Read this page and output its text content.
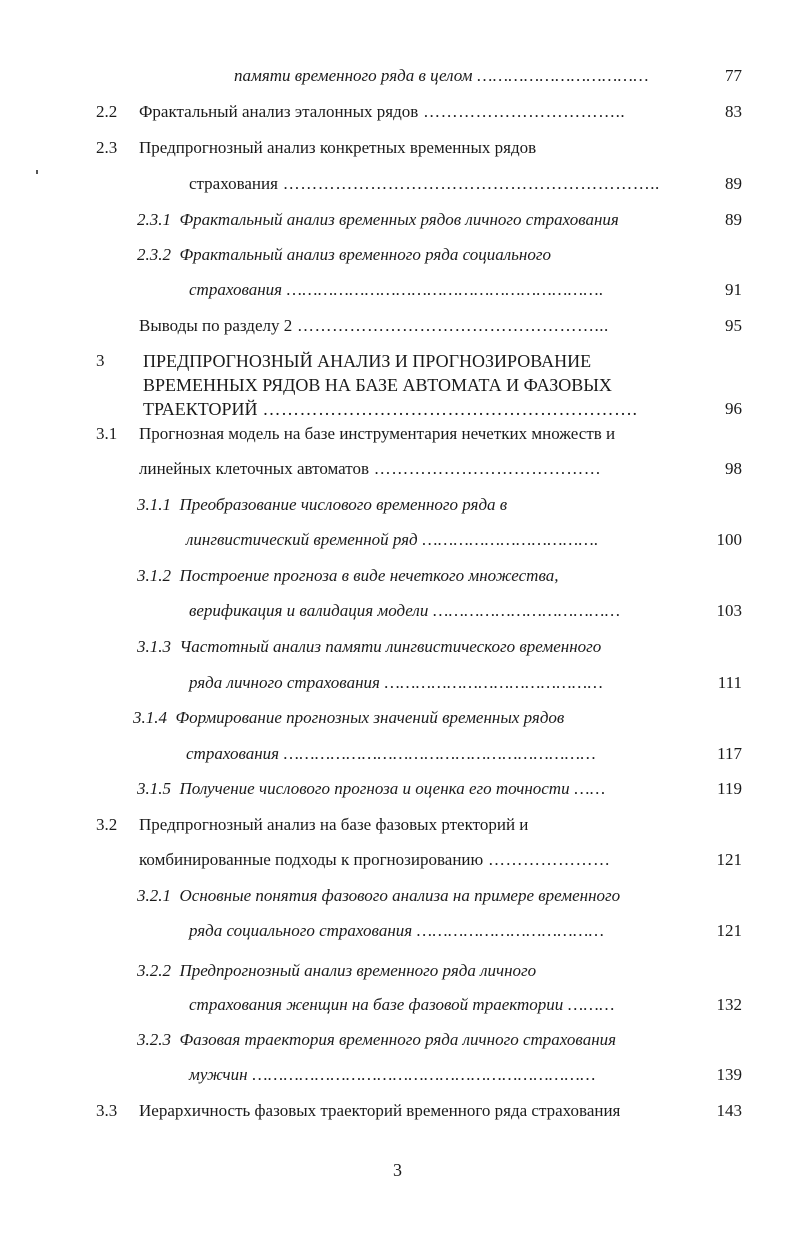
памяти временного ряда в целом ……………………………	77
2.2 Фрактальный анализ эталонных рядов ……………………………..	83
2.3 Предпрогнозный анализ конкретных временных рядов
страхования ………………………………………………………..	89
2.3.1 Фрактальный анализ временных рядов личного страхования	89
2.3.2 Фрактальный анализ временного ряда социального
страхования …………………………………………………….	91
Выводы по разделу 2 ……………………………………………...	95
3 ПРЕДПРОГНОЗНЫЙ АНАЛИЗ И ПРОГНОЗИРОВАНИЕ
ВРЕМЕННЫХ РЯДОВ НА БАЗЕ АВТОМАТА И ФАЗОВЫХ
ТРАЕКТОРИЙ …………………………………………………….	96
3.1 Прогнозная модель на базе инструментария нечетких множеств и
линейных клеточных автоматов …………………………………	98
3.1.1 Преобразование числового временного ряда в
лингвистический временной ряд …………………………….	100
3.1.2 Построение прогноза в виде нечеткого множества,
верификация и валидация модели ………………………………	103
3.1.3 Частотный анализ памяти лингвистического временного
ряда личного страхования ……………………………………	111
3.1.4 Формирование прогнозных значений временных рядов
страхования ……………………………………………………	117
3.1.5 Получение числового прогноза и оценка его точности ……	119
3.2 Предпрогнозный анализ на базе фазовых ртекторий и
комбинированные подходы к прогнозированию …………………	121
3.2.1 Основные понятия фазового анализа на примере временного
ряда социального страхования ………………………………	121
3.2.2 Предпрогнозный анализ временного ряда личного
страхования женщин на базе фазовой траектории ………	132
3.2.3 Фазовая траектория временного ряда личного страхования
мужчин …………………………………………………………	139
3.3 Иерархичность фазовых траекторий временного ряда страхования	143
3
